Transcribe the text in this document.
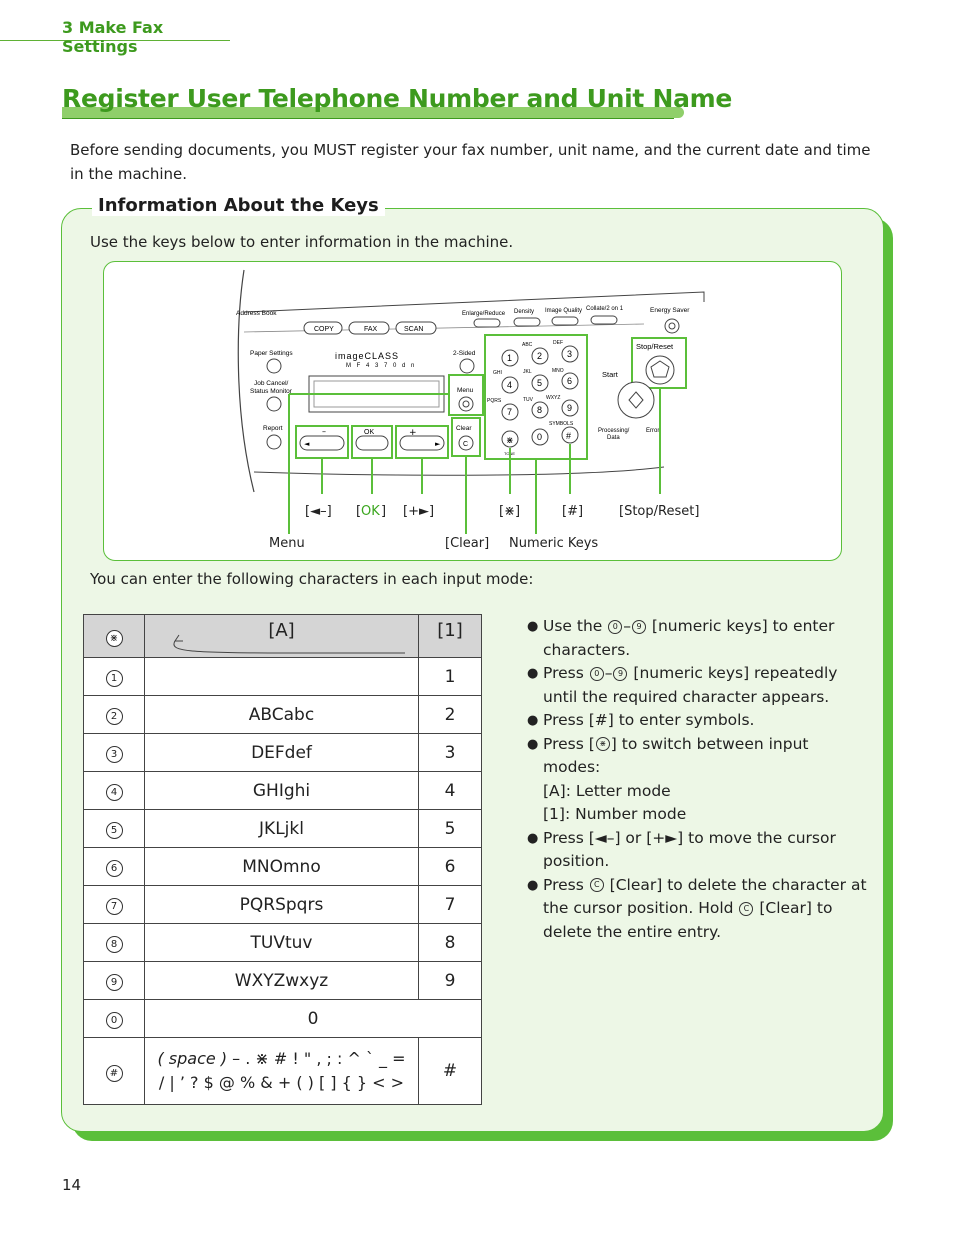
3 Make Fax Settings
Register User Telephone Number and Unit Name
Before sending documents, you MUST register your fax number, unit name, and the current date and time in the machine.
Information About the Keys
Use the keys below to enter information in the machine.
Address Book
COPY	FAX	SCAN
Enlarge/Reduce Density Image Quality Collate/2 on 1	Energy Saver
Paper Settings	imageCLASS
M F 4 3 7 0 d n
2-Sided
Job Cancel/
Status Monitor
Report
Menu
◄
–	OK
►
+	Clear
C
ABC	DEF
1	2	3
GHI	JKL	MNO
4	5	6
PQRS	TUV	WXYZ
7	8	9
SYMBOLS
⋇
TONE
0	#
Stop/Reset
Start
Processing/
Data
Error
[◄–] [ OK ] [+►]	[⋇]	[#]	[Stop/Reset]
Menu	[Clear] Numeric Keys
You can enter the following characters in each input mode:
⋇	[A]	[1]
1		1
2	ABCabc	2
3	DEFdef	3
4	GHIghi	4
5	JKLjkl	5
6	MNOmno	6
7	PQRSpqrs	7
8	TUVtuv	8
9	WXYZwxyz	9
0	0	
#	( space ) – . ⋇ # ! " , ; : ^ ` _ =
/ | ’ ? $ @ % & + ( ) [ ] { } < >	#
● Use the 0 – 9 [numeric keys] to enter characters.
● Press 0 – 9 [numeric keys] repeatedly until the required character appears.
● Press [#] to enter symbols.
● Press [ ⋇ ] to switch between input modes:
[A]: Letter mode
[1]: Number mode
● Press [◄–] or [+►] to move the cursor position.
● Press C [Clear] to delete the character at the cursor position. Hold C [Clear] to delete the entire entry.
14
